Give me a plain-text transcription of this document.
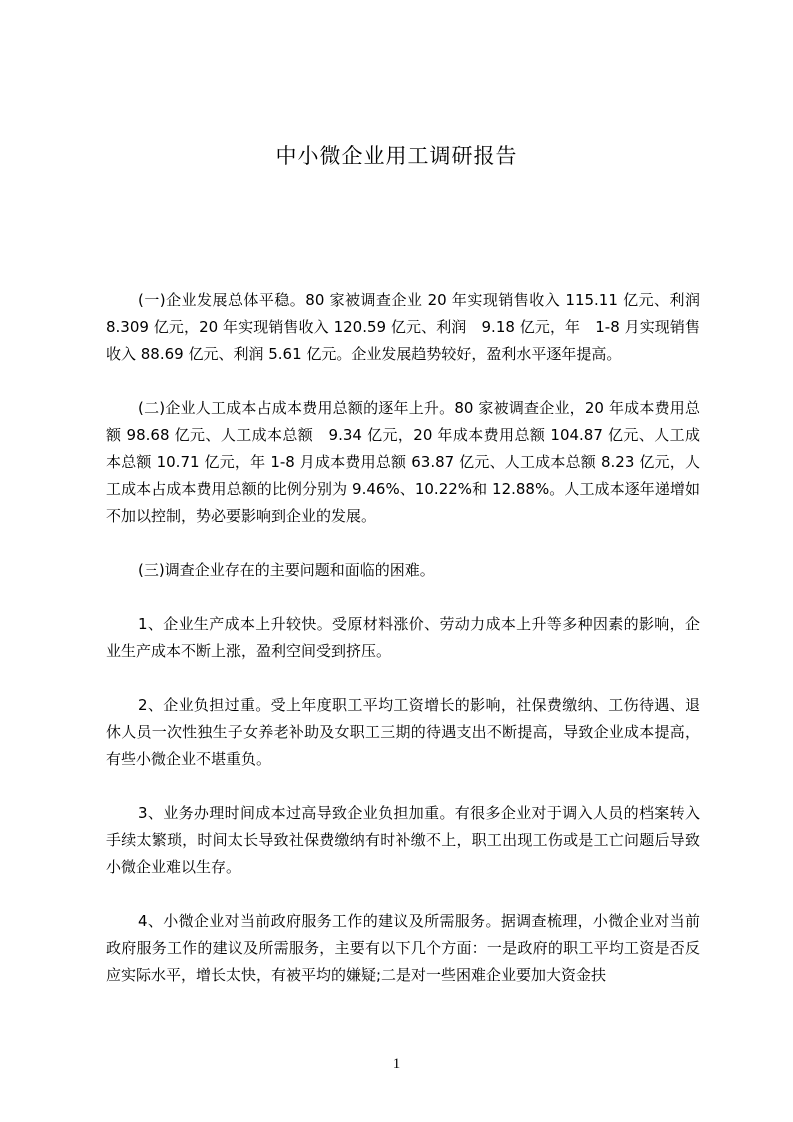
中小微企业用工调研报告

(一)企业发展总体平稳。80 家被调查企业 20 年实现销售收入 115.11 亿元、利润 8.309 亿元，20 年实现销售收入 120.59 亿元、利润　9.18 亿元，年　1-8 月实现销售收入 88.69 亿元、利润 5.61 亿元。企业发展趋势较好，盈利水平逐年提高。

(二)企业人工成本占成本费用总额的逐年上升。80 家被调查企业，20 年成本费用总额 98.68 亿元、人工成本总额　9.34 亿元，20 年成本费用总额 104.87 亿元、人工成本总额 10.71 亿元，年 1-8 月成本费用总额 63.87 亿元、人工成本总额 8.23 亿元，人工成本占成本费用总额的比例分别为 9.46%、10.22%和 12.88%。人工成本逐年递增如不加以控制，势必要影响到企业的发展。

(三)调查企业存在的主要问题和面临的困难。

1、企业生产成本上升较快。受原材料涨价、劳动力成本上升等多种因素的影响，企业生产成本不断上涨，盈利空间受到挤压。

2、企业负担过重。受上年度职工平均工资增长的影响，社保费缴纳、工伤待遇、退休人员一次性独生子女养老补助及女职工三期的待遇支出不断提高，导致企业成本提高，有些小微企业不堪重负。

3、业务办理时间成本过高导致企业负担加重。有很多企业对于调入人员的档案转入手续太繁琐，时间太长导致社保费缴纳有时补缴不上，职工出现工伤或是工亡问题后导致小微企业难以生存。

4、小微企业对当前政府服务工作的建议及所需服务。据调查梳理，小微企业对当前政府服务工作的建议及所需服务，主要有以下几个方面：一是政府的职工平均工资是否反应实际水平，增长太快，有被平均的嫌疑;二是对一些困难企业要加大资金扶

1
